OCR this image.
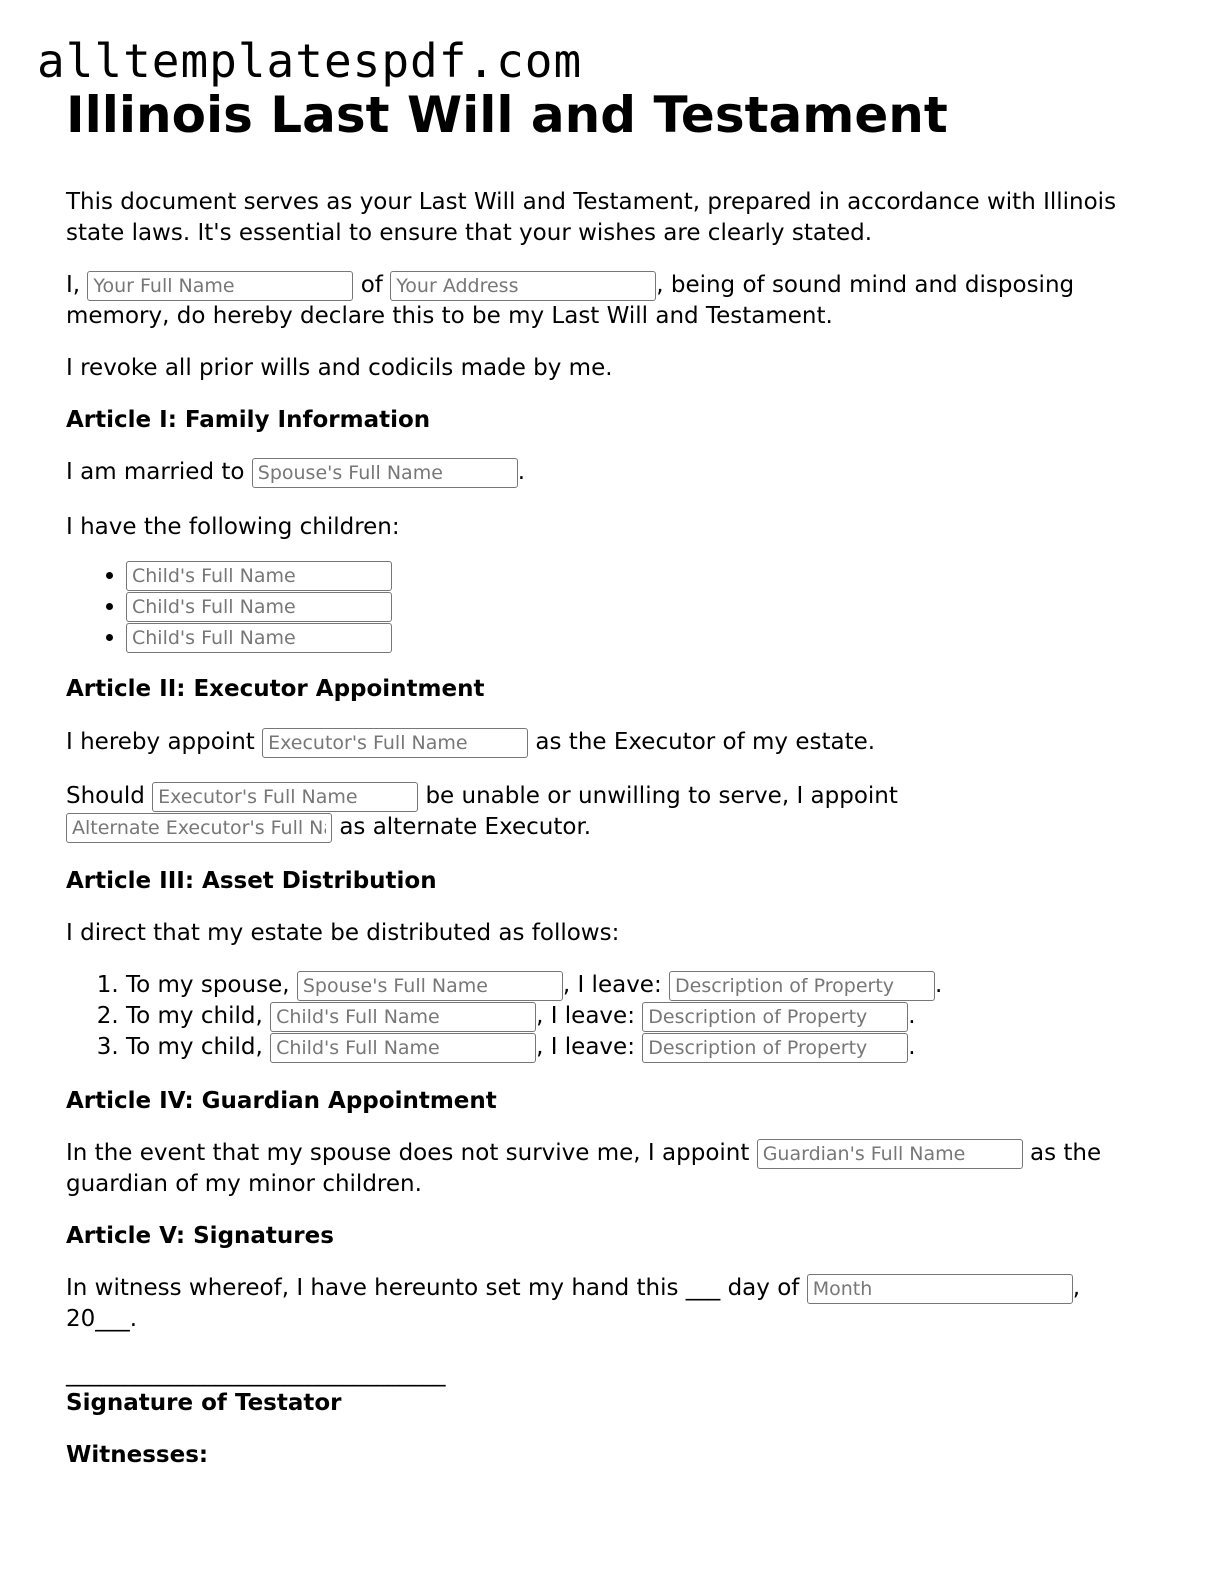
alltemplatespdf.com
Illinois Last Will and Testament

This document serves as your Last Will and Testament, prepared in accordance with Illinois state laws. It's essential to ensure that your wishes are clearly stated.

I, Your Full Name	of Your Address	, being of sound mind and disposing memory, do hereby declare this to be my Last Will and Testament.

I revoke all prior wills and codicils made by me.

Article I: Family Information

I am married to Spouse's Full Name	.

I have the following children:

• Child's Full Name
• Child's Full Name
• Child's Full Name
Article II: Executor Appointment

I hereby appoint Executor's Full Name	as the Executor of my estate.

Should Executor's Full Name	be unable or unwilling to serve, I appoint
Alternate Executor's Full Name as alternate Executor.

Article III: Asset Distribution

I direct that my estate be distributed as follows:

1. To my spouse, Spouse's Full Name	, I leave: Description of Property	.
2. To my child, Child's Full Name	, I leave: Description of Property	.
3. To my child, Child's Full Name	, I leave: Description of Property	.
Article IV: Guardian Appointment

In the event that my spouse does not survive me, I appoint Guardian's Full Name	as the guardian of my minor children.

Article V: Signatures

In witness whereof, I have hereunto set my hand this ___ day of Month	, 20___.

_________________________________
Signature of Testator
Witnesses:
